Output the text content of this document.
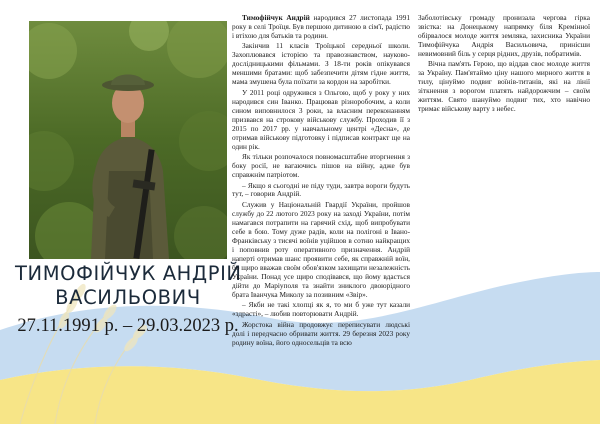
ТИМОФІЙЧУК АНДРІЙ
ВАСИЛЬОВИЧ
27.11.1991 р. – 29.03.2023 р.

Тимофійчук Андрій народився 27 листопада 1991 року в селі Троїця. Був першою дитиною в сім'ї, радістю і втіхою для батьків та родини.

Закінчив 11 класів Троїцької середньої школи. Захоплювався історією та правознавством, науково-дослідницькими фільмами. З 18-ти років опікувався меншими братами: щоб забезпечити дітям гідне життя, мама змушена була поїхати за кордон на заробітки.

У 2011 році одружився з Ольгою, щоб у року у них народився син Іванко. Працював різноробочим, а коли сином виповнилося 3 роки, за власним переконанням призвався на строкову військову службу. Проходив її з 2015 по 2017 рр. у навчальному центрі «Десна», де отримав військову підготовку і підписав контракт ще на один рік.

Як тільки розпочалося повномасштабне вторгнення з боку росії, не вагаючись пішов на війну, адже був справжнім патріотом.

– Якщо я сьогодні не піду туди, завтра вороги будуть тут, – говорив Андрій.

Служив у Національній Гвардії України, пройшов службу до 22 лютого 2023 року на заході України, потім намагався потрапити на гарячий схід, щоб випробувати себе в бою. Тому дуже радів, коли на полігоні в Івано-Франківську з тисячі воїнів уційшов в сотню найкращих і поповнив роту оперативного призначення. Андрій наперті отримав шанс проявити себе, як справжній воїн, бо щиро вважав своїм обов'язком захищати незалежність України. Понад усе щиро сподівався, що йому вдасться дійти до Маріуполя та знайти зниклого двоюрідного брата Іванчука Миколу за позивним «Звір».

– Якби не такі хлопці як я, то ми б уже тут казали «здрасті», – любив повторювати Андрій.

Жорстока війна продовжує переписувати людські долі і передчасно обривати життя. 29 березня 2023 року родину воїна, його односельців та всю

Заболотівську громаду пронизала чергова гірка звістка: на Донецькому напрямку біля Кремінної обірвалося молоде життя земляка, захисника України Тимофійчука Андрія Васильовича, принісши невимовний біль у серця рідних, друзів, побратимів.

Вічна пам'ять Герою, що віддав своє молоде життя за Україну. Пам'ятаймо ціну нашого мирного життя в тилу, цінуймо подвиг воїнів-титанів, які на лінії зіткнення з ворогом платять найдорожчим – своїм життям. Свято шануймо подвиг тих, хто навічно тримає військову варту з небес.
